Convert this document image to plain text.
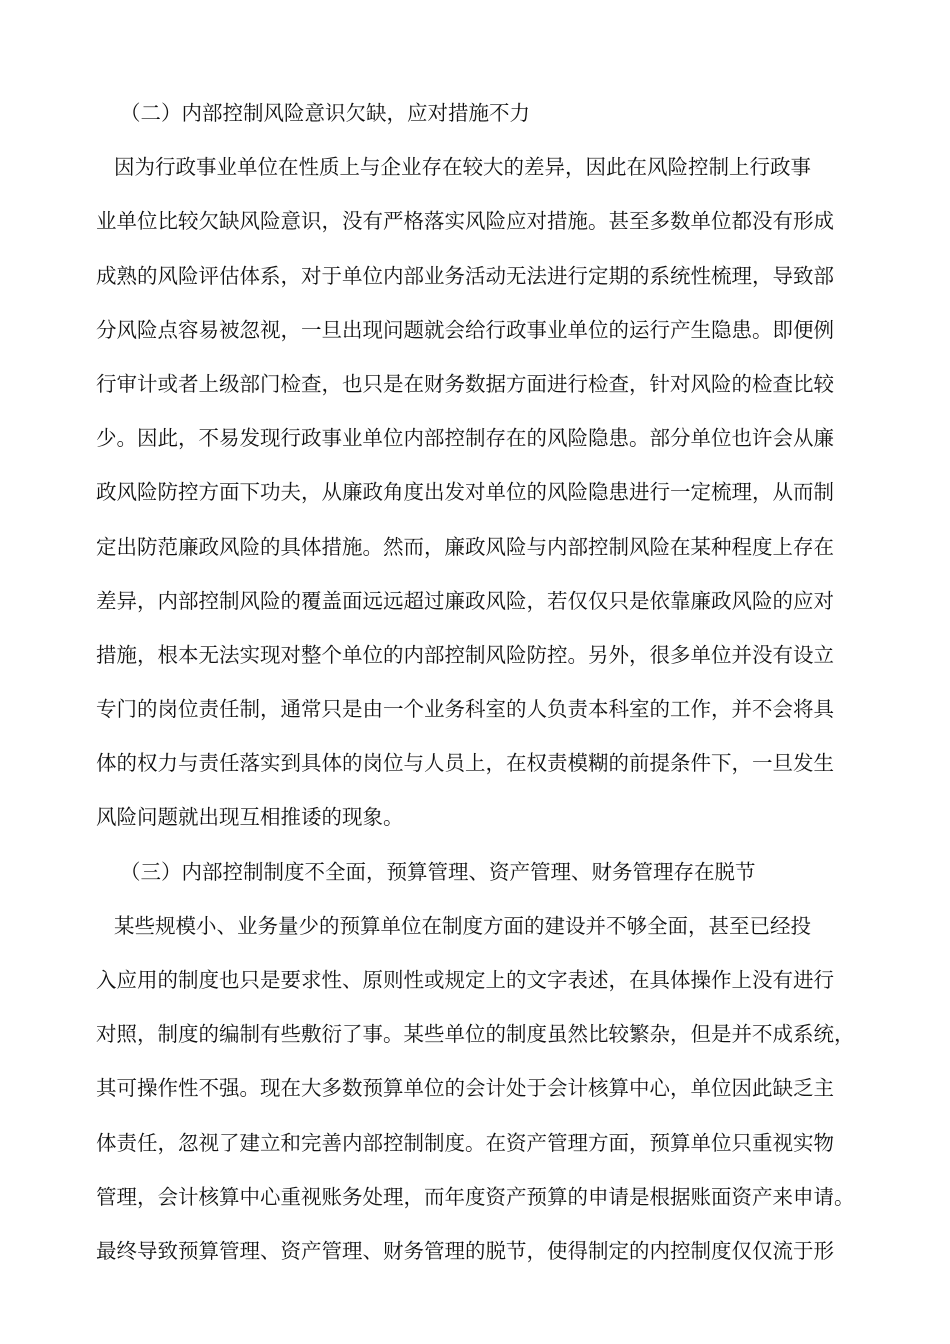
（二）内部控制风险意识欠缺，应对措施不力
因为行政事业单位在性质上与企业存在较大的差异，因此在风险控制上行政事
业单位比较欠缺风险意识，没有严格落实风险应对措施。甚至多数单位都没有形成
成熟的风险评估体系，对于单位内部业务活动无法进行定期的系统性梳理，导致部
分风险点容易被忽视，一旦出现问题就会给行政事业单位的运行产生隐患。即便例
行审计或者上级部门检查，也只是在财务数据方面进行检查，针对风险的检查比较
少。因此，不易发现行政事业单位内部控制存在的风险隐患。部分单位也许会从廉
政风险防控方面下功夫，从廉政角度出发对单位的风险隐患进行一定梳理，从而制
定出防范廉政风险的具体措施。然而，廉政风险与内部控制风险在某种程度上存在
差异，内部控制风险的覆盖面远远超过廉政风险，若仅仅只是依靠廉政风险的应对
措施，根本无法实现对整个单位的内部控制风险防控。另外，很多单位并没有设立
专门的岗位责任制，通常只是由一个业务科室的人负责本科室的工作，并不会将具
体的权力与责任落实到具体的岗位与人员上，在权责模糊的前提条件下，一旦发生
风险问题就出现互相推诿的现象。
（三）内部控制制度不全面，预算管理、资产管理、财务管理存在脱节
某些规模小、业务量少的预算单位在制度方面的建设并不够全面，甚至已经投
入应用的制度也只是要求性、原则性或规定上的文字表述，在具体操作上没有进行
对照，制度的编制有些敷衍了事。某些单位的制度虽然比较繁杂，但是并不成系统，
其可操作性不强。现在大多数预算单位的会计处于会计核算中心，单位因此缺乏主
体责任，忽视了建立和完善内部控制制度。在资产管理方面，预算单位只重视实物
管理，会计核算中心重视账务处理，而年度资产预算的申请是根据账面资产来申请。
最终导致预算管理、资产管理、财务管理的脱节，使得制定的内控制度仅仅流于形
